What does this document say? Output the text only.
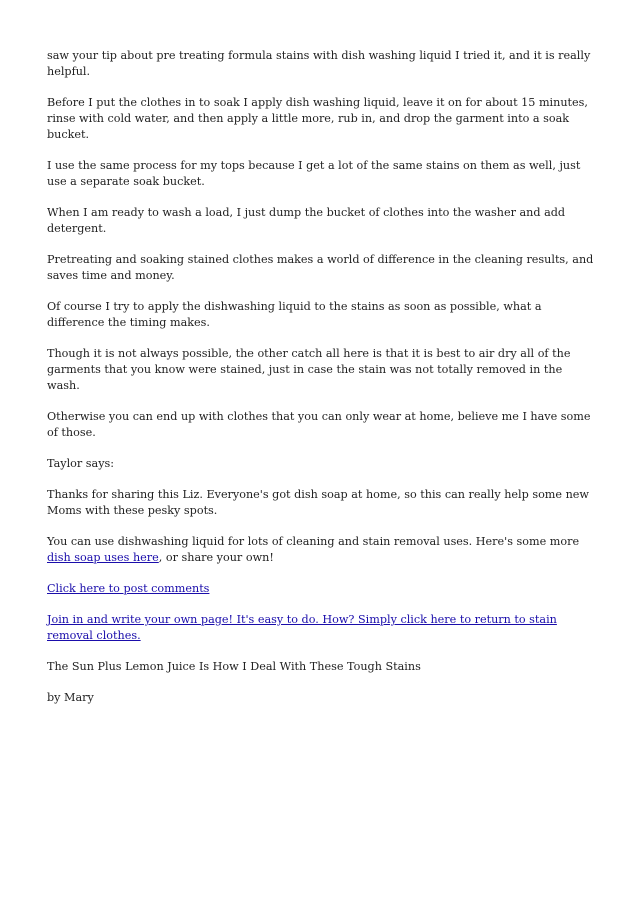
saw your tip about pre treating formula stains with dish washing liquid I tried it, and it is really helpful.

Before I put the clothes in to soak I apply dish washing liquid, leave it on for about 15 minutes, rinse with cold water, and then apply a little more, rub in, and drop the garment into a soak bucket.

I use the same process for my tops because I get a lot of the same stains on them as well, just use a separate soak bucket.

When I am ready to wash a load, I just dump the bucket of clothes into the washer and add detergent.

Pretreating and soaking stained clothes makes a world of difference in the cleaning results, and saves time and money.

Of course I try to apply the dishwashing liquid to the stains as soon as possible, what a difference the timing makes.

Though it is not always possible, the other catch all here is that it is best to air dry all of the garments that you know were stained, just in case the stain was not totally removed in the wash.

Otherwise you can end up with clothes that you can only wear at home, believe me I have some of those.

Taylor says:

Thanks for sharing this Liz. Everyone's got dish soap at home, so this can really help some new Moms with these pesky spots.

You can use dishwashing liquid for lots of cleaning and stain removal uses. Here's some more dish soap uses here, or share your own!

Click here to post comments

Join in and write your own page! It's easy to do. How? Simply click here to return to stain removal clothes.

The Sun Plus Lemon Juice Is How I Deal With These Tough Stains

by Mary
